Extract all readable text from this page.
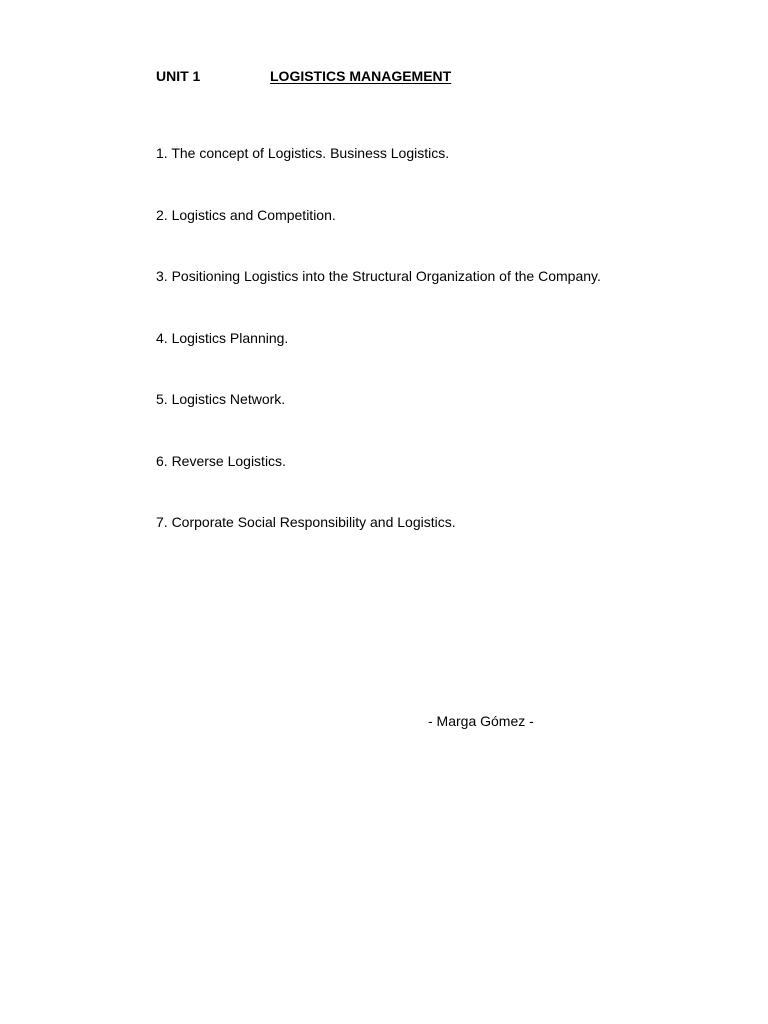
UNIT 1	LOGISTICS MANAGEMENT
1. The concept of Logistics. Business Logistics.
2. Logistics and Competition.
3. Positioning Logistics into the Structural Organization of the Company.
4. Logistics Planning.
5. Logistics Network.
6. Reverse Logistics.
7. Corporate Social Responsibility and Logistics.
- Marga Gómez -
